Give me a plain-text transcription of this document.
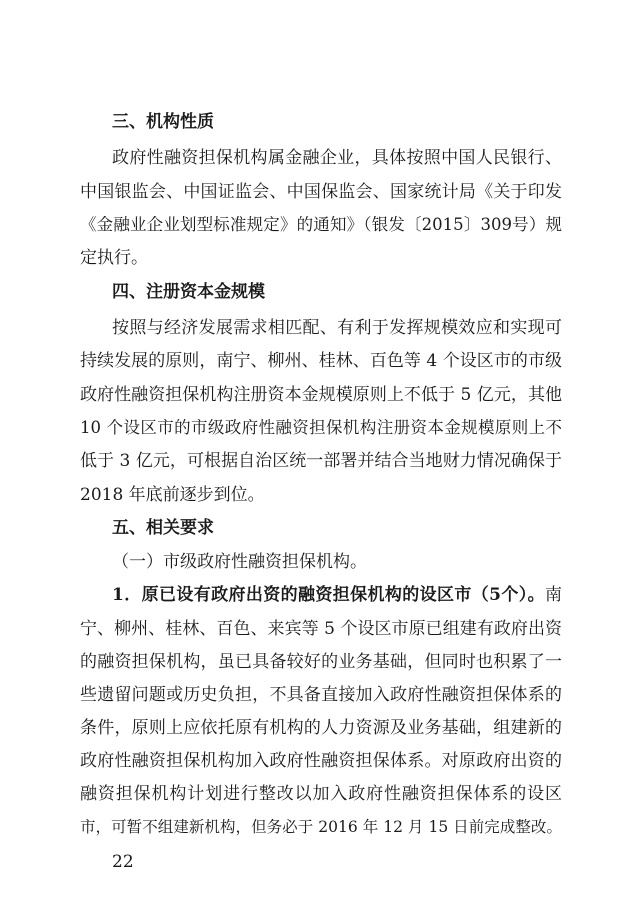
三、机构性质
政府性融资担保机构属金融企业，具体按照中国人民银行、
中国银监会、中国证监会、中国保监会、国家统计局《关于印发
《金融业企业划型标准规定》的通知》（银发〔2015〕309号）规
定执行。
四、注册资本金规模
按照与经济发展需求相匹配、有利于发挥规模效应和实现可
持续发展的原则，南宁、柳州、桂林、百色等 4 个设区市的市级
政府性融资担保机构注册资本金规模原则上不低于 5 亿元，其他
10 个设区市的市级政府性融资担保机构注册资本金规模原则上不
低于 3 亿元，可根据自治区统一部署并结合当地财力情况确保于
2018 年底前逐步到位。
五、相关要求
（一）市级政府性融资担保机构。
1．原已设有政府出资的融资担保机构的设区市（5个）。南
宁、柳州、桂林、百色、来宾等 5 个设区市原已组建有政府出资
的融资担保机构，虽已具备较好的业务基础，但同时也积累了一
些遗留问题或历史负担，不具备直接加入政府性融资担保体系的
条件，原则上应依托原有机构的人力资源及业务基础，组建新的
政府性融资担保机构加入政府性融资担保体系。对原政府出资的
融资担保机构计划进行整改以加入政府性融资担保体系的设区
22
市，可暂不组建新机构，但务必于 2016 年 12 月 15 日前完成整改。
